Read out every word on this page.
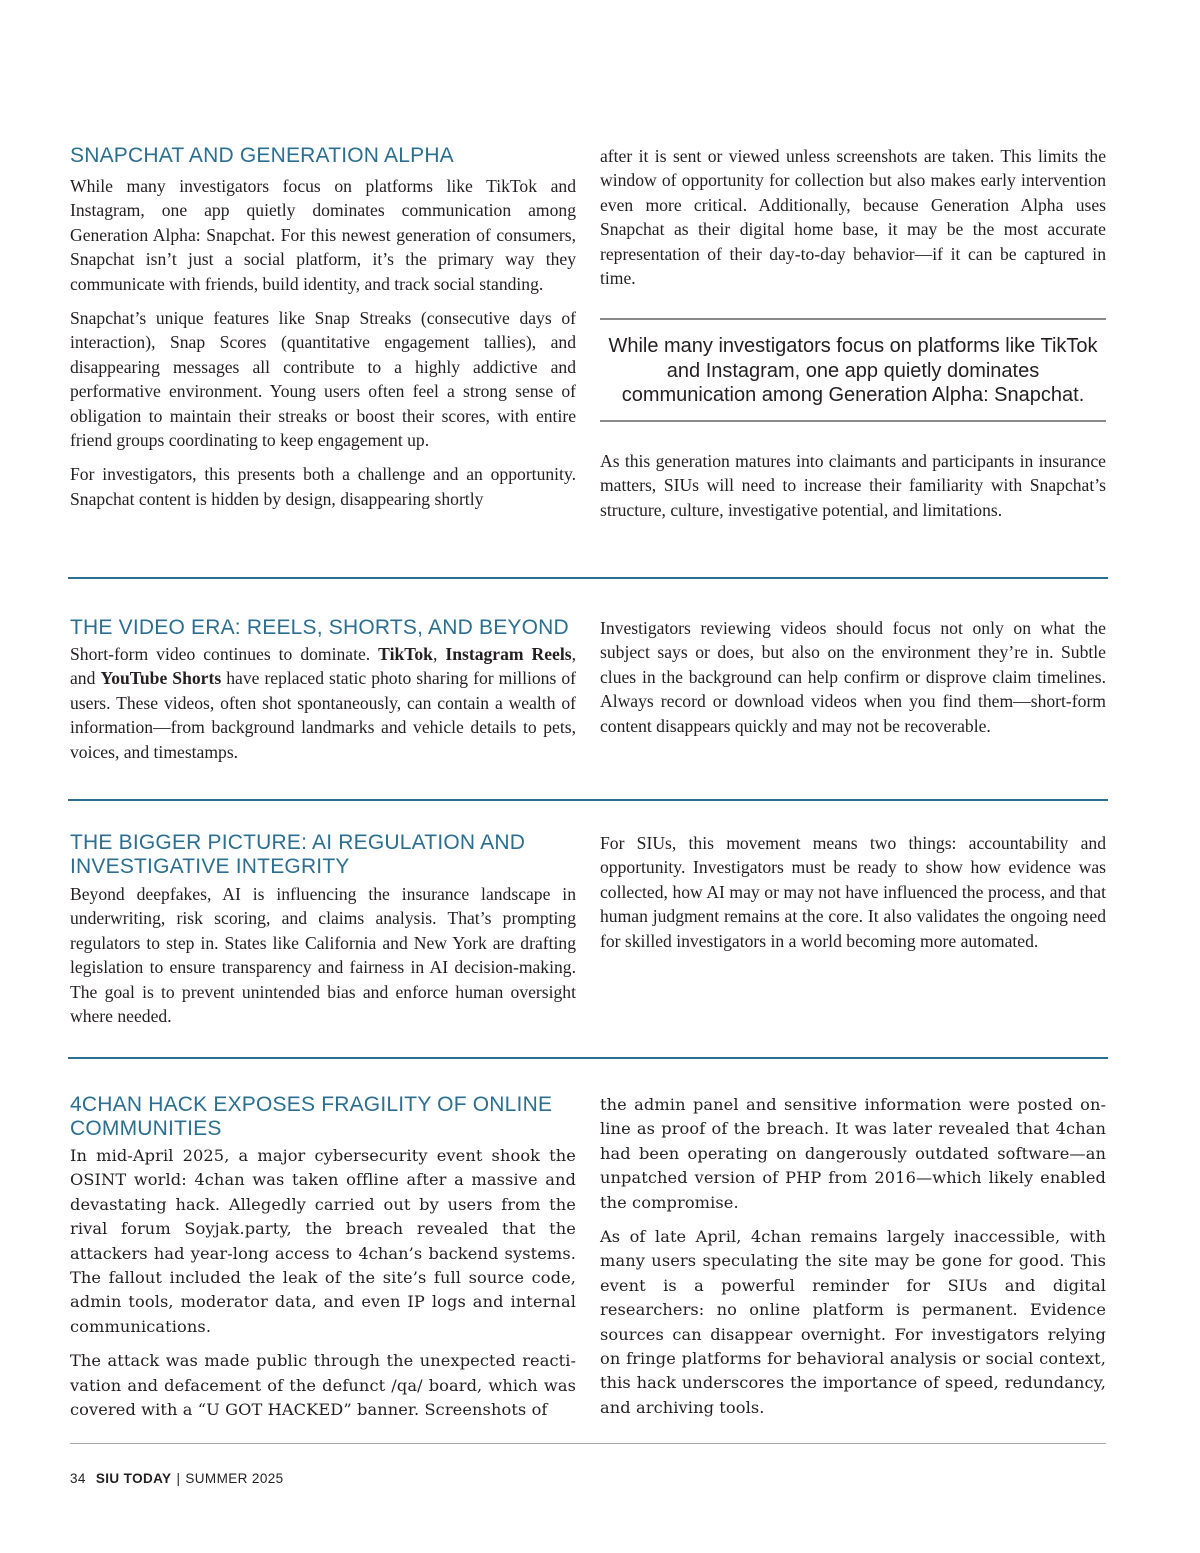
SNAPCHAT AND GENERATION ALPHA

While many investigators focus on platforms like TikTok and Instagram, one app quietly dominates communication among Generation Alpha: Snapchat. For this newest generation of consumers, Snapchat isn’t just a social platform, it’s the primary way they communicate with friends, build identity, and track social standing.

Snapchat’s unique features like Snap Streaks (consecutive days of interaction), Snap Scores (quantitative engagement tallies), and disappearing messages all contribute to a highly addictive and performative environment. Young users often feel a strong sense of obligation to maintain their streaks or boost their scores, with entire friend groups coordinating to keep engagement up.

For investigators, this presents both a challenge and an opportunity. Snapchat content is hidden by design, disappearing shortly

after it is sent or viewed unless screenshots are taken. This limits the window of opportunity for collection but also makes early intervention even more critical. Additionally, because Generation Alpha uses Snapchat as their digital home base, it may be the most accurate representation of their day-to-day behavior—if it can be captured in time.

While many investigators focus on platforms like TikTok and Instagram, one app quietly dominates communication among Generation Alpha: Snapchat.

As this generation matures into claimants and participants in insurance matters, SIUs will need to increase their familiarity with Snapchat’s structure, culture, investigative potential, and limitations.

THE VIDEO ERA: REELS, SHORTS, AND BEYOND

Short-form video continues to dominate. TikTok, Instagram Reels, and YouTube Shorts have replaced static photo sharing for millions of users. These videos, often shot spontaneously, can contain a wealth of information—from background landmarks and vehicle details to pets, voices, and timestamps.

Investigators reviewing videos should focus not only on what the subject says or does, but also on the environment they’re in. Subtle clues in the background can help confirm or disprove claim timelines. Always record or download videos when you find them—short-form content disappears quickly and may not be recoverable.

THE BIGGER PICTURE: AI REGULATION AND INVESTIGATIVE INTEGRITY

Beyond deepfakes, AI is influencing the insurance landscape in underwriting, risk scoring, and claims analysis. That’s prompting regulators to step in. States like California and New York are drafting legislation to ensure transparency and fairness in AI decision-making. The goal is to prevent unintended bias and enforce human oversight where needed.

For SIUs, this movement means two things: accountability and opportunity. Investigators must be ready to show how evidence was collected, how AI may or may not have influenced the process, and that human judgment remains at the core. It also validates the ongoing need for skilled investigators in a world becoming more automated.

4CHAN HACK EXPOSES FRAGILITY OF ONLINE COMMUNITIES

In mid-April 2025, a major cybersecurity event shook the OSINT world: 4chan was taken offline after a massive and devastating hack. Allegedly carried out by users from the rival forum Soyjak.party, the breach revealed that the attackers had year-long access to 4chan’s backend systems. The fallout included the leak of the site’s full source code, admin tools, moderator data, and even IP logs and internal communications.

The attack was made public through the unexpected reactivation and defacement of the defunct /qa/ board, which was covered with a “U GOT HACKED” banner. Screenshots of

the admin panel and sensitive information were posted online as proof of the breach. It was later revealed that 4chan had been operating on dangerously outdated software—an unpatched version of PHP from 2016—which likely enabled the compromise.

As of late April, 4chan remains largely inaccessible, with many users speculating the site may be gone for good. This event is a powerful reminder for SIUs and digital researchers: no online platform is permanent. Evidence sources can disappear overnight. For investigators relying on fringe platforms for behavioral analysis or social context, this hack underscores the importance of speed, redundancy, and archiving tools.

34 SIU TODAY | SUMMER 2025
